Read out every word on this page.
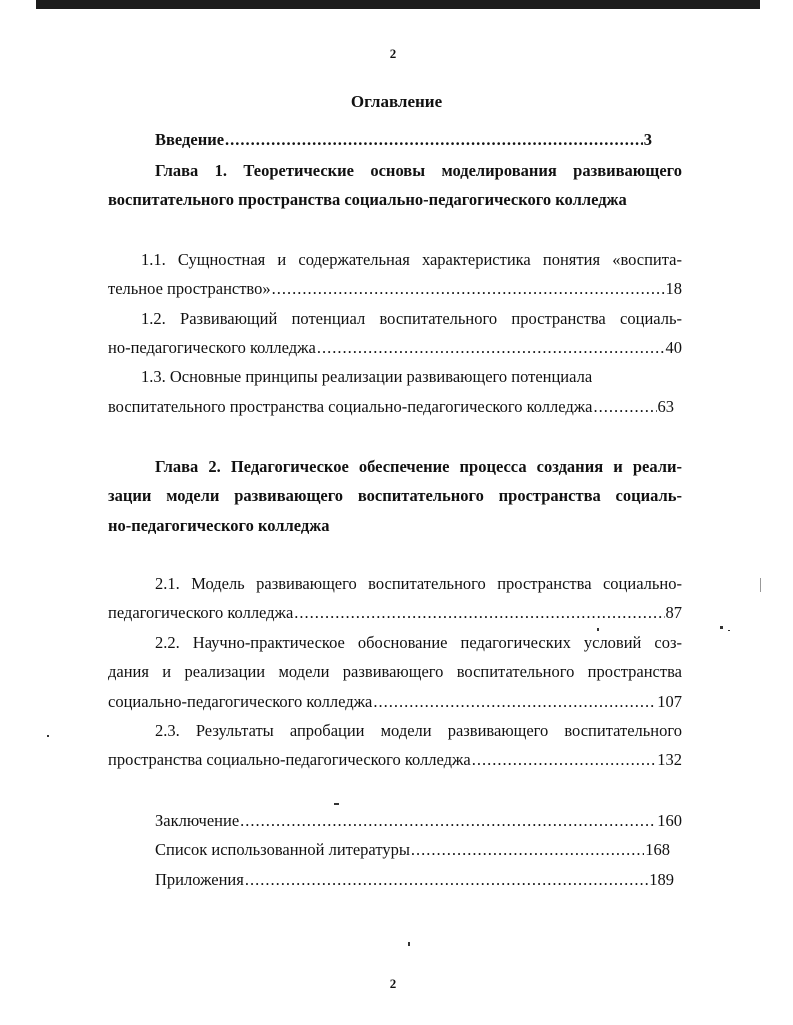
2
Оглавление
Введение .....	3
Глава 1. Теоретические основы моделирования развивающего
воспитательного пространства социально-педагогического колледжа
1.1. Сущностная и содержательная характеристика понятия «воспита-
тельное пространство» .....	18
1.2. Развивающий потенциал воспитательного пространства социаль-
но-педагогического колледжа .....	40
1.3. Основные принципы реализации развивающего потенциала
воспитательного пространства социально-педагогического колледжа .....	63
Глава 2. Педагогическое обеспечение процесса создания и реали-
зации модели развивающего воспитательного пространства социаль-
но-педагогического колледжа
2.1. Модель развивающего воспитательного пространства социально-
педагогического колледжа .....	87
2.2. Научно-практическое обоснование педагогических условий соз-
дания и реализации модели развивающего воспитательного пространства
социально-педагогического колледжа .....	107
2.3. Результаты апробации модели развивающего воспитательного
пространства социально-педагогического колледжа .....	132
Заключение .....	160
Список использованной литературы .....	168
Приложения .....	189
2
